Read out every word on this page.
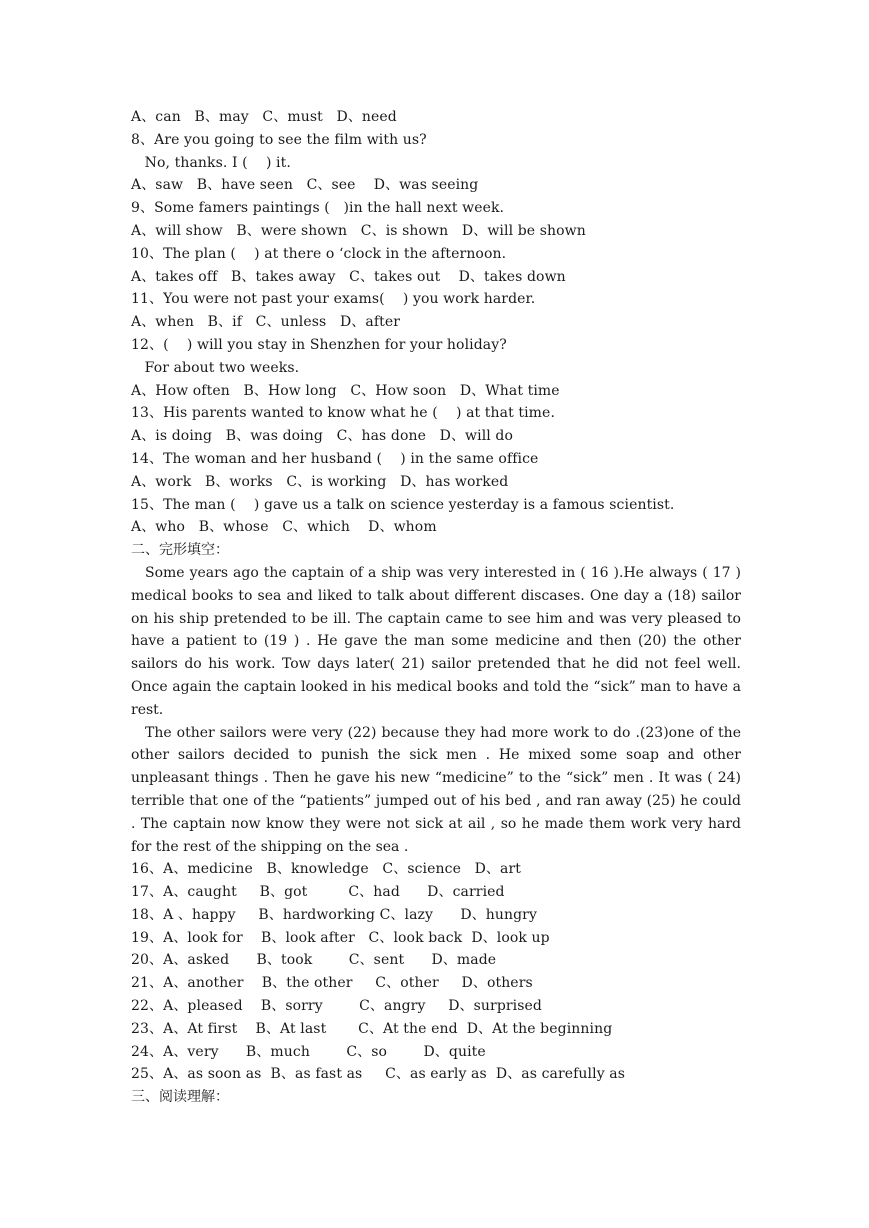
A、can   B、may   C、must   D、need
8、Are you going to see the film with us?
No, thanks. I (    ) it.
A、saw   B、have seen   C、see    D、was seeing
9、Some famers paintings (   )in the hall next week.
A、will show   B、were shown   C、is shown   D、will be shown
10、The plan (    ) at there o ‘clock in the afternoon.
A、takes off   B、takes away   C、takes out    D、takes down
11、You were not past your exams(    ) you work harder.
A、when   B、if   C、unless   D、after
12、(    ) will you stay in Shenzhen for your holiday?
For about two weeks.
A、How often   B、How long   C、How soon   D、What time
13、His parents wanted to know what he (    ) at that time.
A、is doing   B、was doing   C、has done   D、will do
14、The woman and her husband (    ) in the same office
A、work   B、works   C、is working   D、has worked
15、The man (    ) gave us a talk on science yesterday is a famous scientist.
A、who   B、whose   C、which    D、whom
二、完形填空：
Some years ago the captain of a ship was very interested in ( 16 ).He always ( 17 ) medical books to sea and liked to talk about different discases. One day a (18) sailor on his ship pretended to be ill. The captain came to see him and was very pleased to have a patient to (19 ) . He gave the man some medicine and then (20) the other sailors do his work. Tow days later( 21) sailor pretended that he did not feel well. Once again the captain looked in his medical books and told the “sick” man to have a rest.
The other sailors were very (22) because they had more work to do .(23)one of the other sailors decided to punish the sick men . He mixed some soap and other unpleasant things . Then he gave his new “medicine” to the “sick” men . It was ( 24) terrible that one of the “patients” jumped out of his bed , and ran away (25) he could . The captain now know they were not sick at ail , so he made them work very hard for the rest of the shipping on the sea .
16、A、medicine   B、knowledge   C、science   D、art
17、A、caught     B、got         C、had      D、carried
18、A 、happy     B、hardworking C、lazy      D、hungry
19、A、look for    B、look after   C、look back  D、look up
20、A、asked      B、took        C、sent      D、made
21、A、another    B、the other     C、other     D、others
22、A、pleased    B、sorry        C、angry     D、surprised
23、A、At first    B、At last       C、At the end  D、At the beginning
24、A、very      B、much        C、so        D、quite
25、A、as soon as  B、as fast as     C、as early as  D、as carefully as
三、阅读理解：
